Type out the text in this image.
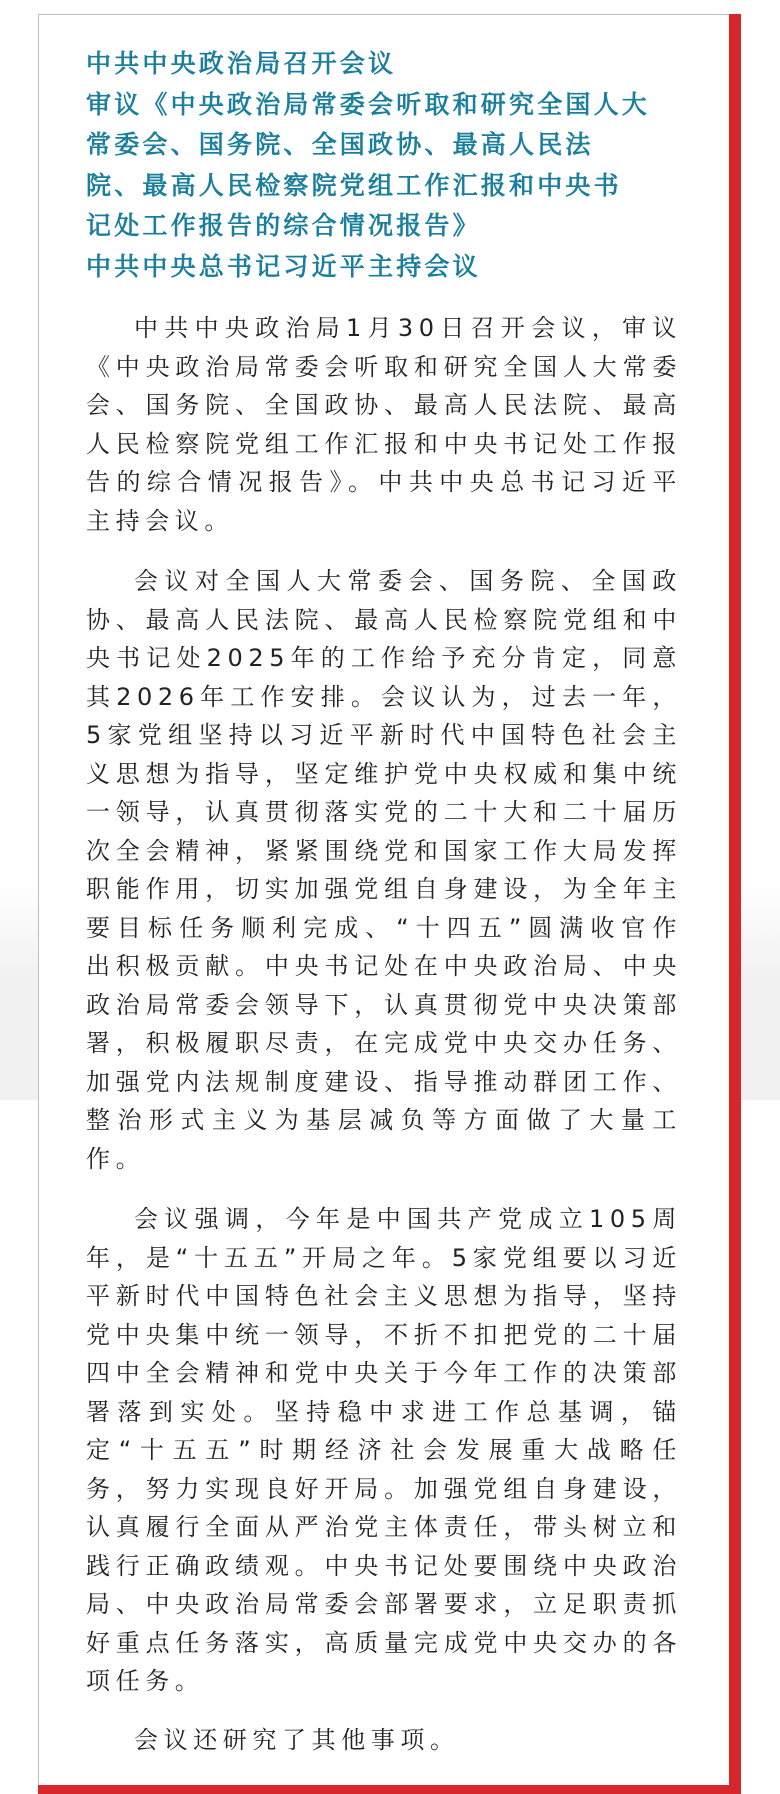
中共中央政治局召开会议
审议《中央政治局常委会听取和研究全国人大
常委会、国务院、全国政协、最高人民法
院、最高人民检察院党组工作汇报和中央书
记处工作报告的综合情况报告》
中共中央总书记习近平主持会议

中共中央政治局1月30日召开会议，审议《中央政治局常委会听取和研究全国人大常委会、国务院、全国政协、最高人民法院、最高人民检察院党组工作汇报和中央书记处工作报告的综合情况报告》。中共中央总书记习近平主持会议。

会议对全国人大常委会、国务院、全国政协、最高人民法院、最高人民检察院党组和中央书记处2025年的工作给予充分肯定，同意其2026年工作安排。会议认为，过去一年，5家党组坚持以习近平新时代中国特色社会主义思想为指导，坚定维护党中央权威和集中统一领导，认真贯彻落实党的二十大和二十届历次全会精神，紧紧围绕党和国家工作大局发挥职能作用，切实加强党组自身建设，为全年主要目标任务顺利完成、“十四五”圆满收官作出积极贡献。中央书记处在中央政治局、中央政治局常委会领导下，认真贯彻党中央决策部署，积极履职尽责，在完成党中央交办任务、加强党内法规制度建设、指导推动群团工作、整治形式主义为基层减负等方面做了大量工作。

会议强调，今年是中国共产党成立105周年，是“十五五”开局之年。5家党组要以习近平新时代中国特色社会主义思想为指导，坚持党中央集中统一领导，不折不扣把党的二十届四中全会精神和党中央关于今年工作的决策部署落到实处。坚持稳中求进工作总基调，锚定“十五五”时期经济社会发展重大战略任务，努力实现良好开局。加强党组自身建设，认真履行全面从严治党主体责任，带头树立和践行正确政绩观。中央书记处要围绕中央政治局、中央政治局常委会部署要求，立足职责抓好重点任务落实，高质量完成党中央交办的各项任务。

会议还研究了其他事项。
